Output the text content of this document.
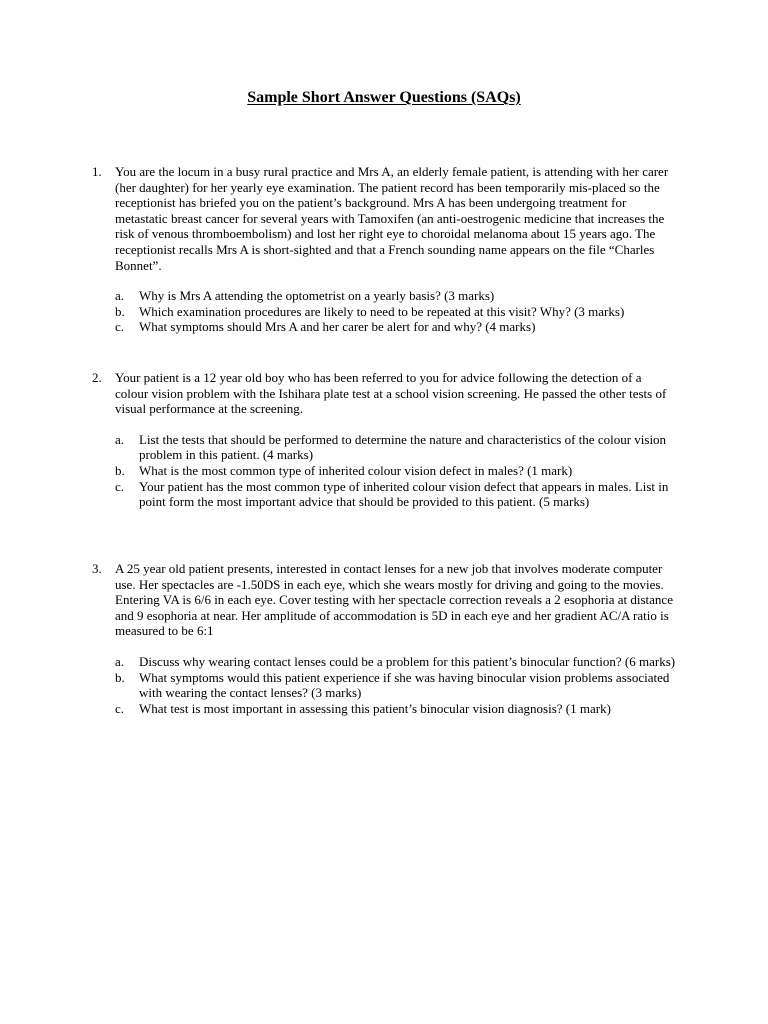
Sample Short Answer Questions (SAQs)
1.	You are the locum in a busy rural practice and Mrs A, an elderly female patient, is attending with her carer (her daughter) for her yearly eye examination. The patient record has been temporarily mis-placed so the receptionist has briefed you on the patient’s background. Mrs A has been undergoing treatment for metastatic breast cancer for several years with Tamoxifen (an anti-oestrogenic medicine that increases the risk of venous thromboembolism) and lost her right eye to choroidal melanoma about 15 years ago. The receptionist recalls Mrs A is short-sighted and that a French sounding name appears on the file “Charles Bonnet”.
a.	Why is Mrs A attending the optometrist on a yearly basis? (3 marks)
b.	Which examination procedures are likely to need to be repeated at this visit? Why? (3 marks)
c.	What symptoms should Mrs A and her carer be alert for and why? (4 marks)
2.	Your patient is a 12 year old boy who has been referred to you for advice following the detection of a colour vision problem with the Ishihara plate test at a school vision screening. He passed the other tests of visual performance at the screening.
a.	List the tests that should be performed to determine the nature and characteristics of the colour vision problem in this patient. (4 marks)
b.	What is the most common type of inherited colour vision defect in males? (1 mark)
c.	Your patient has the most common type of inherited colour vision defect that appears in males. List in point form the most important advice that should be provided to this patient. (5 marks)
3.	A 25 year old patient presents, interested in contact lenses for a new job that involves moderate computer use. Her spectacles are -1.50DS in each eye, which she wears mostly for driving and going to the movies. Entering VA is 6/6 in each eye. Cover testing with her spectacle correction reveals a 2 esophoria at distance and 9 esophoria at near. Her amplitude of accommodation is 5D in each eye and her gradient AC/A ratio is measured to be 6:1
a.	Discuss why wearing contact lenses could be a problem for this patient’s binocular function? (6 marks)
b.	What symptoms would this patient experience if she was having binocular vision problems associated with wearing the contact lenses? (3 marks)
c.	What test is most important in assessing this patient’s binocular vision diagnosis? (1 mark)
